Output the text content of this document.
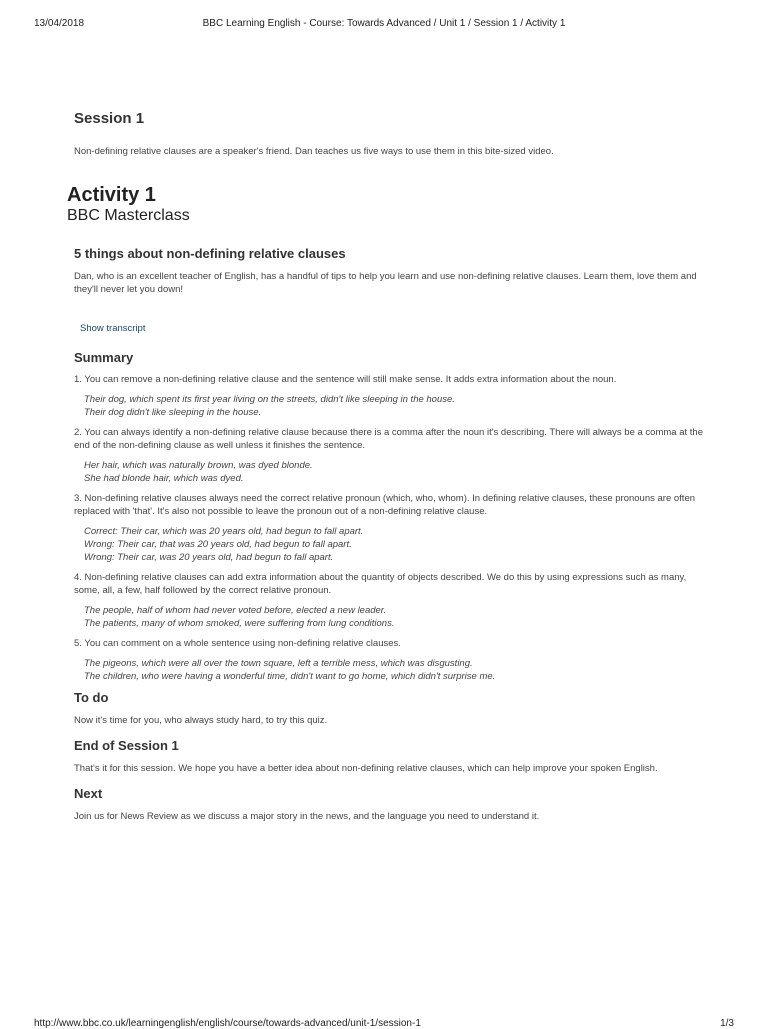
13/04/2018	BBC Learning English - Course: Towards Advanced / Unit 1 / Session 1 / Activity 1
Session 1

Non-defining relative clauses are a speaker's friend. Dan teaches us five ways to use them in this bite-sized video.

Activity 1
BBC Masterclass
5 things about non-defining relative clauses

Dan, who is an excellent teacher of English, has a handful of tips to help you learn and use non-defining relative clauses. Learn them, love them and they'll never let you down!

Show transcript
Summary

1. You can remove a non-defining relative clause and the sentence will still make sense. It adds extra information about the noun.

Their dog, which spent its first year living on the streets, didn't like sleeping in the house.
Their dog didn't like sleeping in the house.

2. You can always identify a non-defining relative clause because there is a comma after the noun it's describing. There will always be a comma at the end of the non-defining clause as well unless it finishes the sentence.

Her hair, which was naturally brown, was dyed blonde.
She had blonde hair, which was dyed.

3. Non-defining relative clauses always need the correct relative pronoun (which, who, whom). In defining relative clauses, these pronouns are often replaced with 'that'. It's also not possible to leave the pronoun out of a non-defining relative clause.

Correct: Their car, which was 20 years old, had begun to fall apart.
Wrong: Their car, that was 20 years old, had begun to fall apart.
Wrong: Their car, was 20 years old, had begun to fall apart.

4. Non-defining relative clauses can add extra information about the quantity of objects described. We do this by using expressions such as many, some, all, a few, half followed by the correct relative pronoun.

The people, half of whom had never voted before, elected a new leader.
The patients, many of whom smoked, were suffering from lung conditions.

5. You can comment on a whole sentence using non-defining relative clauses.

The pigeons, which were all over the town square, left a terrible mess, which was disgusting.
The children, who were having a wonderful time, didn't want to go home, which didn't surprise me.
To do

Now it's time for you, who always study hard, to try this quiz.

End of Session 1

That's it for this session. We hope you have a better idea about non-defining relative clauses, which can help improve your spoken English.

Next

Join us for News Review as we discuss a major story in the news, and the language you need to understand it.

http://www.bbc.co.uk/learningenglish/english/course/towards-advanced/unit-1/session-1	1/3
